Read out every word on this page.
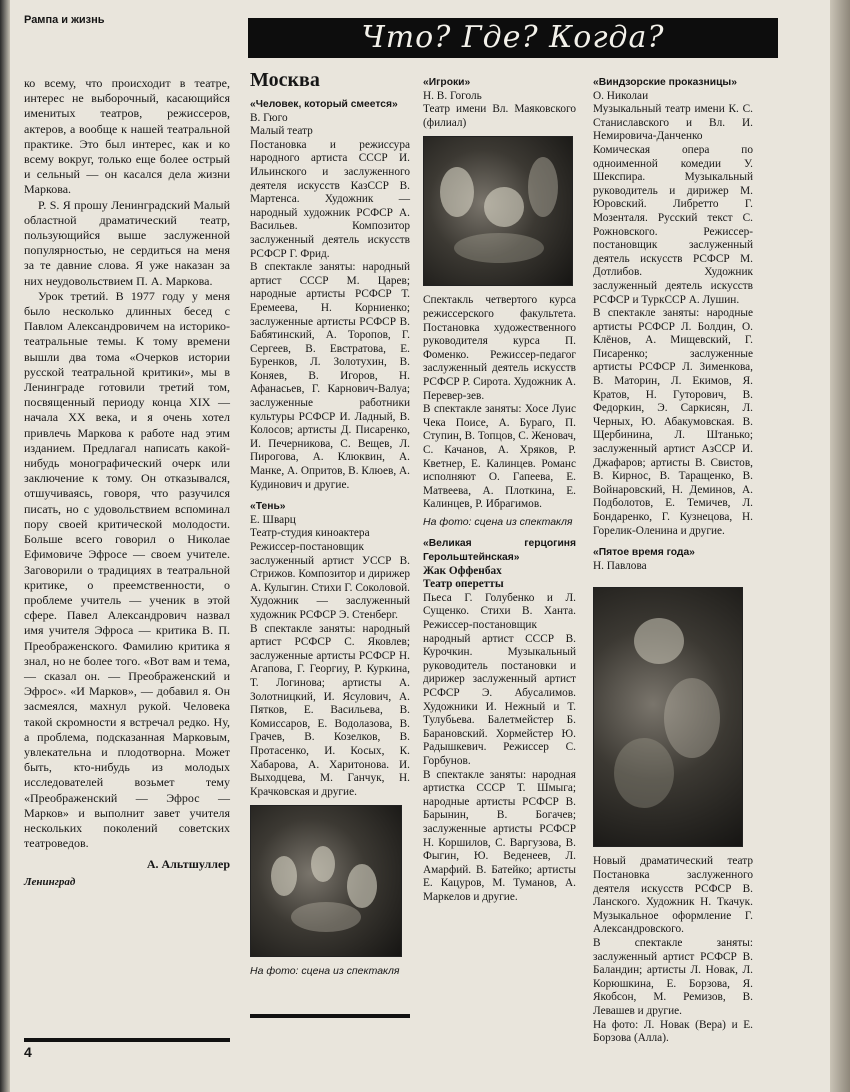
Рампа и жизнь	Что? Где? Когда?

ко всему, что происходит в театре, интерес не выборочный, касающийся именитых театров, режиссеров, актеров, а вообще к нашей театральной практике. Это был интерес, как и ко всему вокруг, только еще более острый и сельный — он касался дела жизни Маркова.

P. S. Я прошу Ленинградский Малый областной драматический театр, пользующийся выше заслуженной популярностью, не сердиться на меня за те давние слова. Я уже наказан за них неудовольствием П. А. Маркова.

Урок третий. В 1977 году у меня было несколько длинных бесед с Павлом Александровичем на историко-театральные темы. К тому времени вышли два тома «Очерков истории русской театральной критики», мы в Ленинграде готовили третий том, посвященный периоду конца XIX — начала XX века, и я очень хотел привлечь Маркова к работе над этим изданием. Предлагал написать какой-нибудь монографический очерк или заключение к тому. Он отказывался, отшучиваясь, говоря, что разучился писать, но с удовольствием вспоминал пору своей критической молодости. Больше всего говорил о Николае Ефимовиче Эфросе — своем учителе. Заговорили о традициях в театральной критике, о преемственности, о проблеме учитель — ученик в этой сфере. Павел Александрович назвал имя учителя Эфроса — критика В. П. Преображенского. Фамилию критика я знал, но не более того. «Вот вам и тема, — сказал он. — Преображенский и Эфрос». «И Марков», — добавил я. Он засмеялся, махнул рукой. Человека такой скромности я встречал редко. Ну, а проблема, подсказанная Марковым, увлекательна и плодотворна. Может быть, кто-нибудь из молодых исследователей возьмет тему «Преображенский — Эфрос — Марков» и выполнит завет учителя нескольких поколений советских театроведов.

А. Альтшуллер
Ленинград
4
Москва

«Человек, который смеется»

В. Гюго

Малый театр

Постановка и режиссура народного артиста СССР И. Ильинского и заслуженного деятеля искусств КазССР В. Мартенса. Художник — народный художник РСФСР А. Васильев. Композитор заслуженный деятель искусств РСФСР Г. Фрид.

В спектакле заняты: народный артист СССР М. Царев; народные артисты РСФСР Т. Еремеева, Н. Корниенко; заслуженные артисты РСФСР В. Бабятинский, А. Торопов, Г. Сергеев, В. Евстратова, Е. Буренков, Л. Золотухин, В. Коняев, В. Игоров, Н. Афанасьев, Г. Карнович-Валуа; заслуженные работники культуры РСФСР И. Ладный, В. Колосов; артисты Д. Писаренко, И. Печерникова, С. Вещев, Л. Пирогова, А. Клюквин, А. Манке, А. Опритов, В. Клюев, А. Кудинович и другие.

«Тень»

Е. Шварц

Театр-студия киноактера

Режиссер-постановщик заслуженный артист УССР В. Стрижов. Композитор и дирижер А. Кулыгин. Стихи Г. Соколовой. Художник — заслуженный художник РСФСР Э. Стенберг.

В спектакле заняты: народный артист РСФСР С. Яковлев; заслуженные артисты РСФСР Н. Агапова, Г. Георгиу, Р. Куркина, Т. Логинова; артисты А. Золотницкий, И. Ясулович, А. Пятков, Е. Васильева, В. Комиссаров, Е. Водолазова, В. Грачев, В. Козелков, В. Протасенко, И. Косых, К. Хабарова, А. Харитонова. И. Выходцева, М. Ганчук, Н. Крачковская и другие.

На фото: сцена из спектакля

«Игроки»

Н. В. Гоголь

Театр имени Вл. Маяковского (филиал)

Спектакль четвертого курса режиссерского факультета. Постановка художественного руководителя курса П. Фоменко. Режиссер-педагог заслуженный деятель искусств РСФСР Р. Сирота. Художник А. Перевер-зев.

В спектакле заняты: Хосе Луис Чека Поисе, А. Бураго, П. Ступин, В. Топцов, С. Женовач, С. Качанов, А. Хряков, Р. Кветнер, Е. Калинцев. Романс исполняют О. Гапеева, Е. Матвеева, А. Плоткина, Е. Калинцев, Р. Ибрагимов.

На фото: сцена из спектакля

«Великая герцогиня Герольштейнская»

Жак Оффенбах

Театр оперетты

Пьеса Г. Голубенко и Л. Сущенко. Стихи В. Ханта. Режиссер-постановщик народный артист СССР В. Курочкин. Музыкальный руководитель постановки и дирижер заслуженный артист РСФСР Э. Абусалимов. Художники И. Нежный и Т. Тулубьева. Балетмейстер Б. Барановский. Хормейстер Ю. Радышкевич. Режиссер С. Горбунов.

В спектакле заняты: народная артистка СССР Т. Шмыга; народные артисты РСФСР В. Барынин, В. Богачев; заслуженные артисты РСФСР Н. Коршилов, С. Варгузова, В. Фыгин, Ю. Веденеев, Л. Амарфий. В. Батейко; артисты Е. Кацуров, М. Туманов, А. Маркелов и другие.

«Виндзорские проказницы»

О. Николаи

Музыкальный театр имени К. С. Станиславского и Вл. И. Немировича-Данченко

Комическая опера по одноименной комедии У. Шекспира. Музыкальный руководитель и дирижер М. Юровский. Либретто Г. Мозенталя. Русский текст С. Рожновского. Режиссер-постановщик заслуженный деятель искусств РСФСР М. Дотлибов. Художник заслуженный деятель искусств РСФСР и ТуркССР А. Лушин.

В спектакле заняты: народные артисты РСФСР Л. Болдин, О. Клёнов, А. Мищевский, Г. Писаренко; заслуженные артисты РСФСР Л. Зименкова, В. Маторин, Л. Екимов, Я. Кратов, Н. Гуторович, В. Федоркин, Э. Саркисян, Л. Черных, Ю. Абакумовская. В. Щербинина, Л. Штанько; заслуженный артист АзССР И. Джафаров; артисты В. Свистов, В. Кирнос, В. Таращенко, В. Войнаровский, Н. Деминов, А. Подболотов, Е. Темичев, Л. Бондаренко, Г. Кузнецова, Н. Горелик-Оленина и другие.

«Пятое время года»

Н. Павлова

Новый драматический театр Постановка заслуженного деятеля искусств РСФСР В. Ланского. Художник Н. Ткачук. Музыкальное оформление Г. Александровского.

В спектакле заняты: заслуженный артист РСФСР В. Баландин; артисты Л. Новак, Л. Корюшкина, Е. Борзова, Я. Якобсон, М. Ремизов, В. Левашев и другие.

На фото: Л. Новак (Верa) и Е. Борзова (Алла).
